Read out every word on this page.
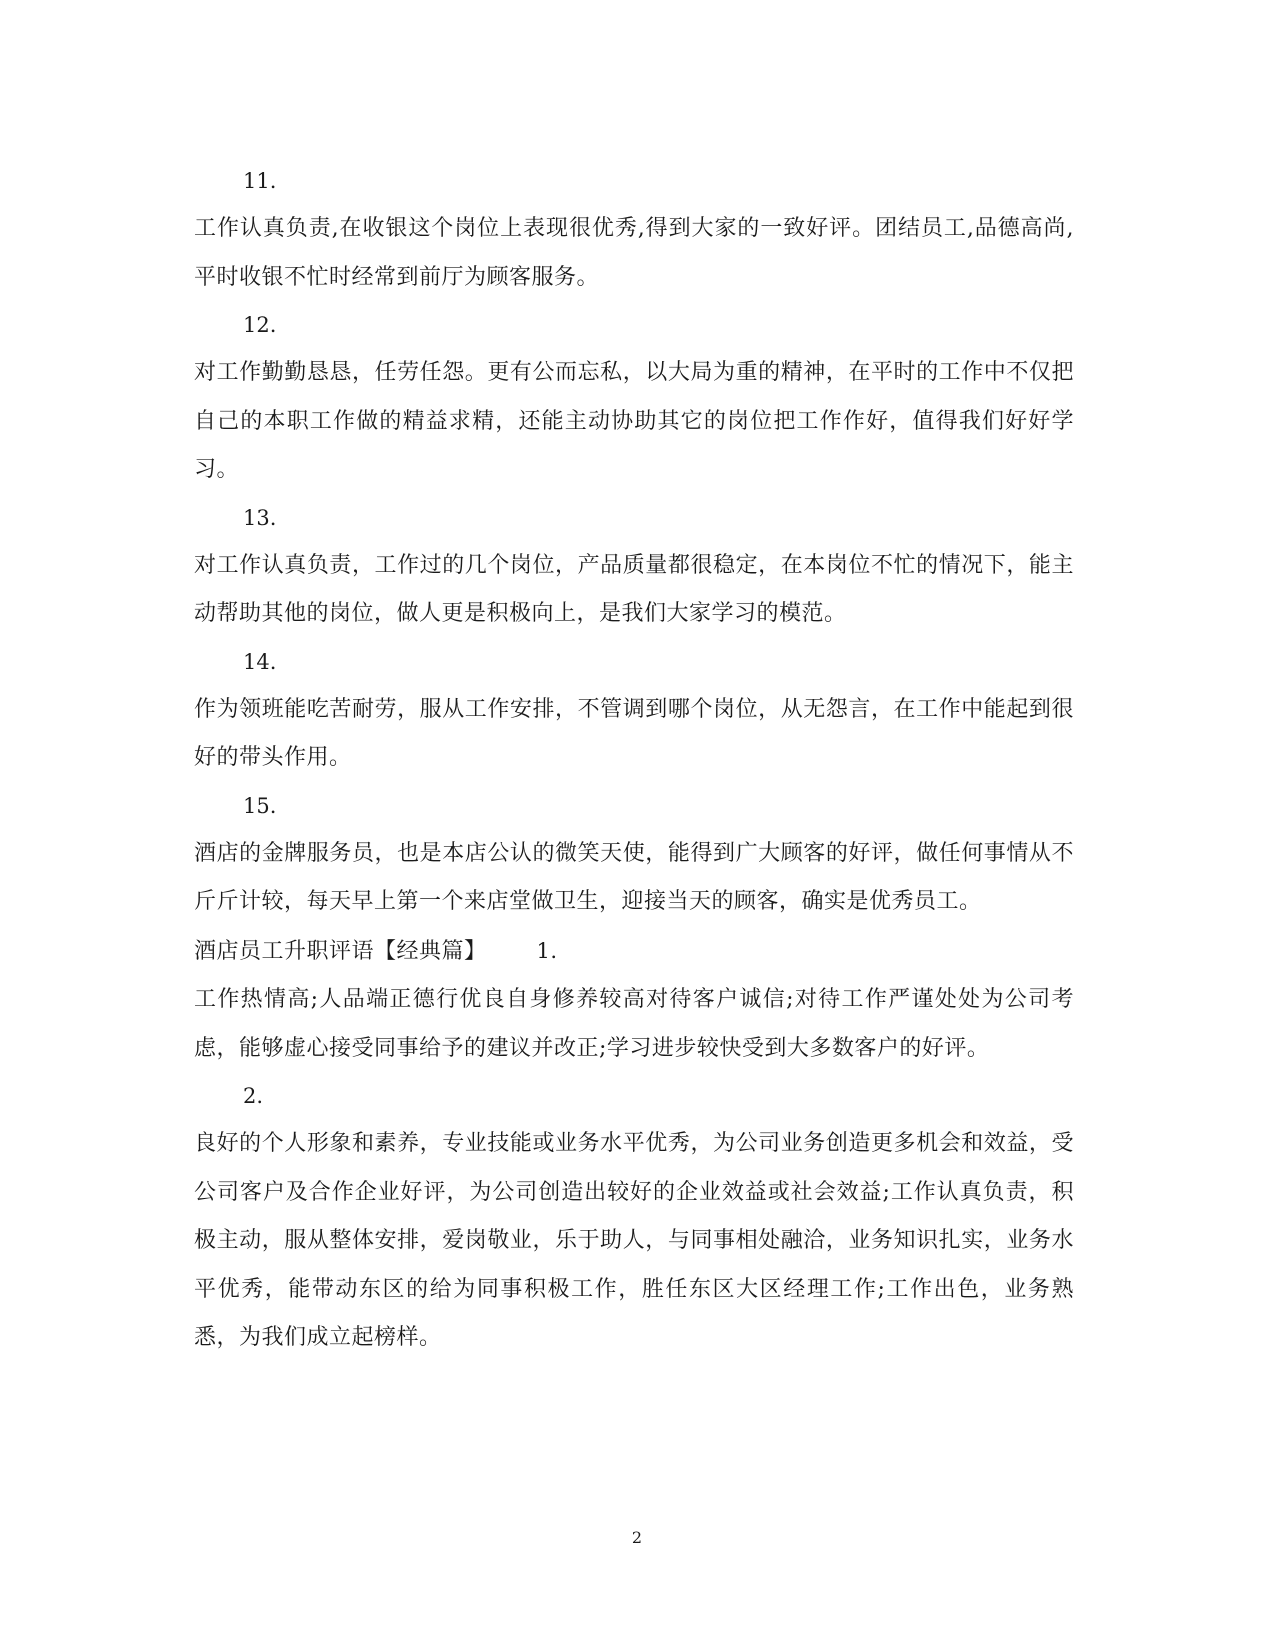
11.

工作认真负责,在收银这个岗位上表现很优秀,得到大家的一致好评。团结员工,品德高尚,平时收银不忙时经常到前厅为顾客服务。

12.

对工作勤勤恳恳，任劳任怨。更有公而忘私，以大局为重的精神，在平时的工作中不仅把自己的本职工作做的精益求精，还能主动协助其它的岗位把工作作好，值得我们好好学习。

13.

对工作认真负责，工作过的几个岗位，产品质量都很稳定，在本岗位不忙的情况下，能主动帮助其他的岗位，做人更是积极向上，是我们大家学习的模范。

14.

作为领班能吃苦耐劳，服从工作安排，不管调到哪个岗位，从无怨言，在工作中能起到很好的带头作用。

15.

酒店的金牌服务员，也是本店公认的微笑天使，能得到广大顾客的好评，做任何事情从不斤斤计较，每天早上第一个来店堂做卫生，迎接当天的顾客，确实是优秀员工。

酒店员工升职评语【经典篇】 1.

工作热情高;人品端正德行优良自身修养较高对待客户诚信;对待工作严谨处处为公司考虑，能够虚心接受同事给予的建议并改正;学习进步较快受到大多数客户的好评。

2.

良好的个人形象和素养，专业技能或业务水平优秀，为公司业务创造更多机会和效益，受公司客户及合作企业好评，为公司创造出较好的企业效益或社会效益;工作认真负责，积极主动，服从整体安排，爱岗敬业，乐于助人，与同事相处融洽，业务知识扎实，业务水平优秀，能带动东区的给为同事积极工作，胜任东区大区经理工作;工作出色，业务熟悉，为我们成立起榜样。

2
